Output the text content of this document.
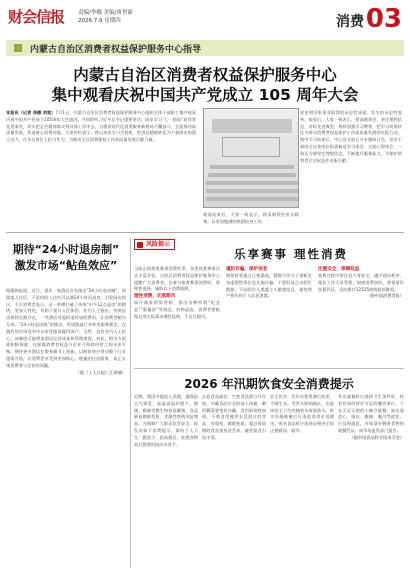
财会信报	责编/李娜 美编/唐世新
2026.7.9 星期四	消费 03
内蒙古自治区消费者权益保护服务中心指导
内蒙古自治区消费者权益保护服务中心
集中观看庆祝中国共产党成立 105 周年大会
本报讯（记者 李娜 刘宽）7月1日，内蒙古自治区消费者权益保护服务中心组织全体干部职工集中观看庆祝中国共产党成立105周年大会盛况，共同聆听习近平总书记重要讲话。同步学习“七一勋章”获得者先进事迹，切实把全会精神落实到具体工作中去，为建设现代化消费服务新格局不懈奋斗，全面推动高质量发展，营造放心消费环境。大家纷纷表示，将以本次学习为契机，把讲话精神转化为干事创业的强大动力，在各自岗位上担当作为，为推动全区消费维权工作高质量发展贡献力量。
党史和国家事业取得的历史性成就、发生的历史性变革。观看后，大家一致表示，要深刻领会，坚定理想信念，对标先进典型，持续加强学习教育，把学习成果转化为推动消费者权益保护工作高质量发展的实际行动。集中学习结束后，中心党支部召开专题研讨会，党员干部结合自身岗位职责畅谈学习体会，交流心得体会，一致认为要坚定理想信念，不断提升服务能力，为保护消费者合法权益作出新贡献。
观看结束后，大家一致表示，将深刻领会讲话精神，以更加饱满的热情投身工作。
期待“24小时退房制”
激发市场“鲇鱼效应”

据媒体报道，近日，重庆一家酒店宣布推出“24小时退房制”，即顾客入住后，不论何时入住均可以满24小时再退房，引发网友热议。不少消费者表示，这一举措打破了传统“中午12点退房”的惯例，更加人性化，有助于提升入住体验。业内人士指出，传统退房规则长期存在，一些酒店对超时退房加收费用，让消费者颇为无奈。“24小时退房制”的推出，有望倒逼行业转变服务理念，在激烈的市场竞争中以更优服务赢得客户。当然，也有业内人士担心，该制度可能增加酒店运营成本和管理难度。对此，相关方面需积极探索，在保障消费者权益与企业可持续经营之间寻求平衡。期待更多酒店在服务细节上创新，以鲇鱼效应带动整个行业提质升级，让消费者享受到更加贴心、便捷的住宿服务，真正实现消费者与企业的双赢。

（据《工人日报》江颂城）

风险提示
乐享赛事 理性消费

当前正值体育赛事消费旺季，各类体育赛事活动丰富多彩。自治区消费者权益保护服务中心提醒广大消费者，在参与体育赛事消费时，要理性选择，谨防以下消费陷阱。

理性消费，切莫跟风

部分商家借势营销，推出各种所谓“纪念品”“限量款”等商品，价格虚高，消费者要根据自身实际需求理性选购，不盲目跟风。

谨防诈骗，保护信息

购票时要通过正规渠道，警惕不法分子借机发布虚假售票信息实施诈骗。不要轻易点击陌生链接，不向陌生人透露个人敏感信息，避免财产损失和个人信息泄露。

注重安全，保障权益

观赛过程中要注意人身安全，遵守现场秩序，服从工作人员管理。如遇消费纠纷，要保留好票据凭证，及时拨打12315热线投诉维权。

（据中国消费者报）

2026 年汛期饮食安全消费提示
近期，我国多地进入汛期，强降雨天气频发，高温高湿环境下，细菌、霉菌等微生物容易繁殖，食品极易腐败变质，食源性疾病风险增加。为保障广大群众饮食安全，现发布如下消费提示。保持个人卫生：勤洗手，饭前便后、处理食物前后都要用流动水洗手。
注意食品储存：生熟食品要分开存放，冷藏食品应及时放入冰箱，剩饭剩菜要密封冷藏，食用前彻底加热。不要食用被洪水浸泡过的食品，对霉变、腐败变质、超过保质期的食品要坚决丢弃，避免误食引发中毒。
安全饮水：饮用水要煮沸后饮用，不喝生水。受洪水影响地区，应选择安全卫生的桶装水或瓶装水，供水设施被淹后应清洗消毒后再使用。购买食品时应选择证照齐全的正规商场、超市。

外出就餐时应选择卫生条件好、持有有效经营许可证的餐饮单位，不在无证无照的小摊点就餐。如出现恶心、呕吐、腹痛、腹泻等症状，应及时就医，并保留好剩余食物和就餐凭证，向市场监管部门报告。

（据中国食品科学技术学会）
